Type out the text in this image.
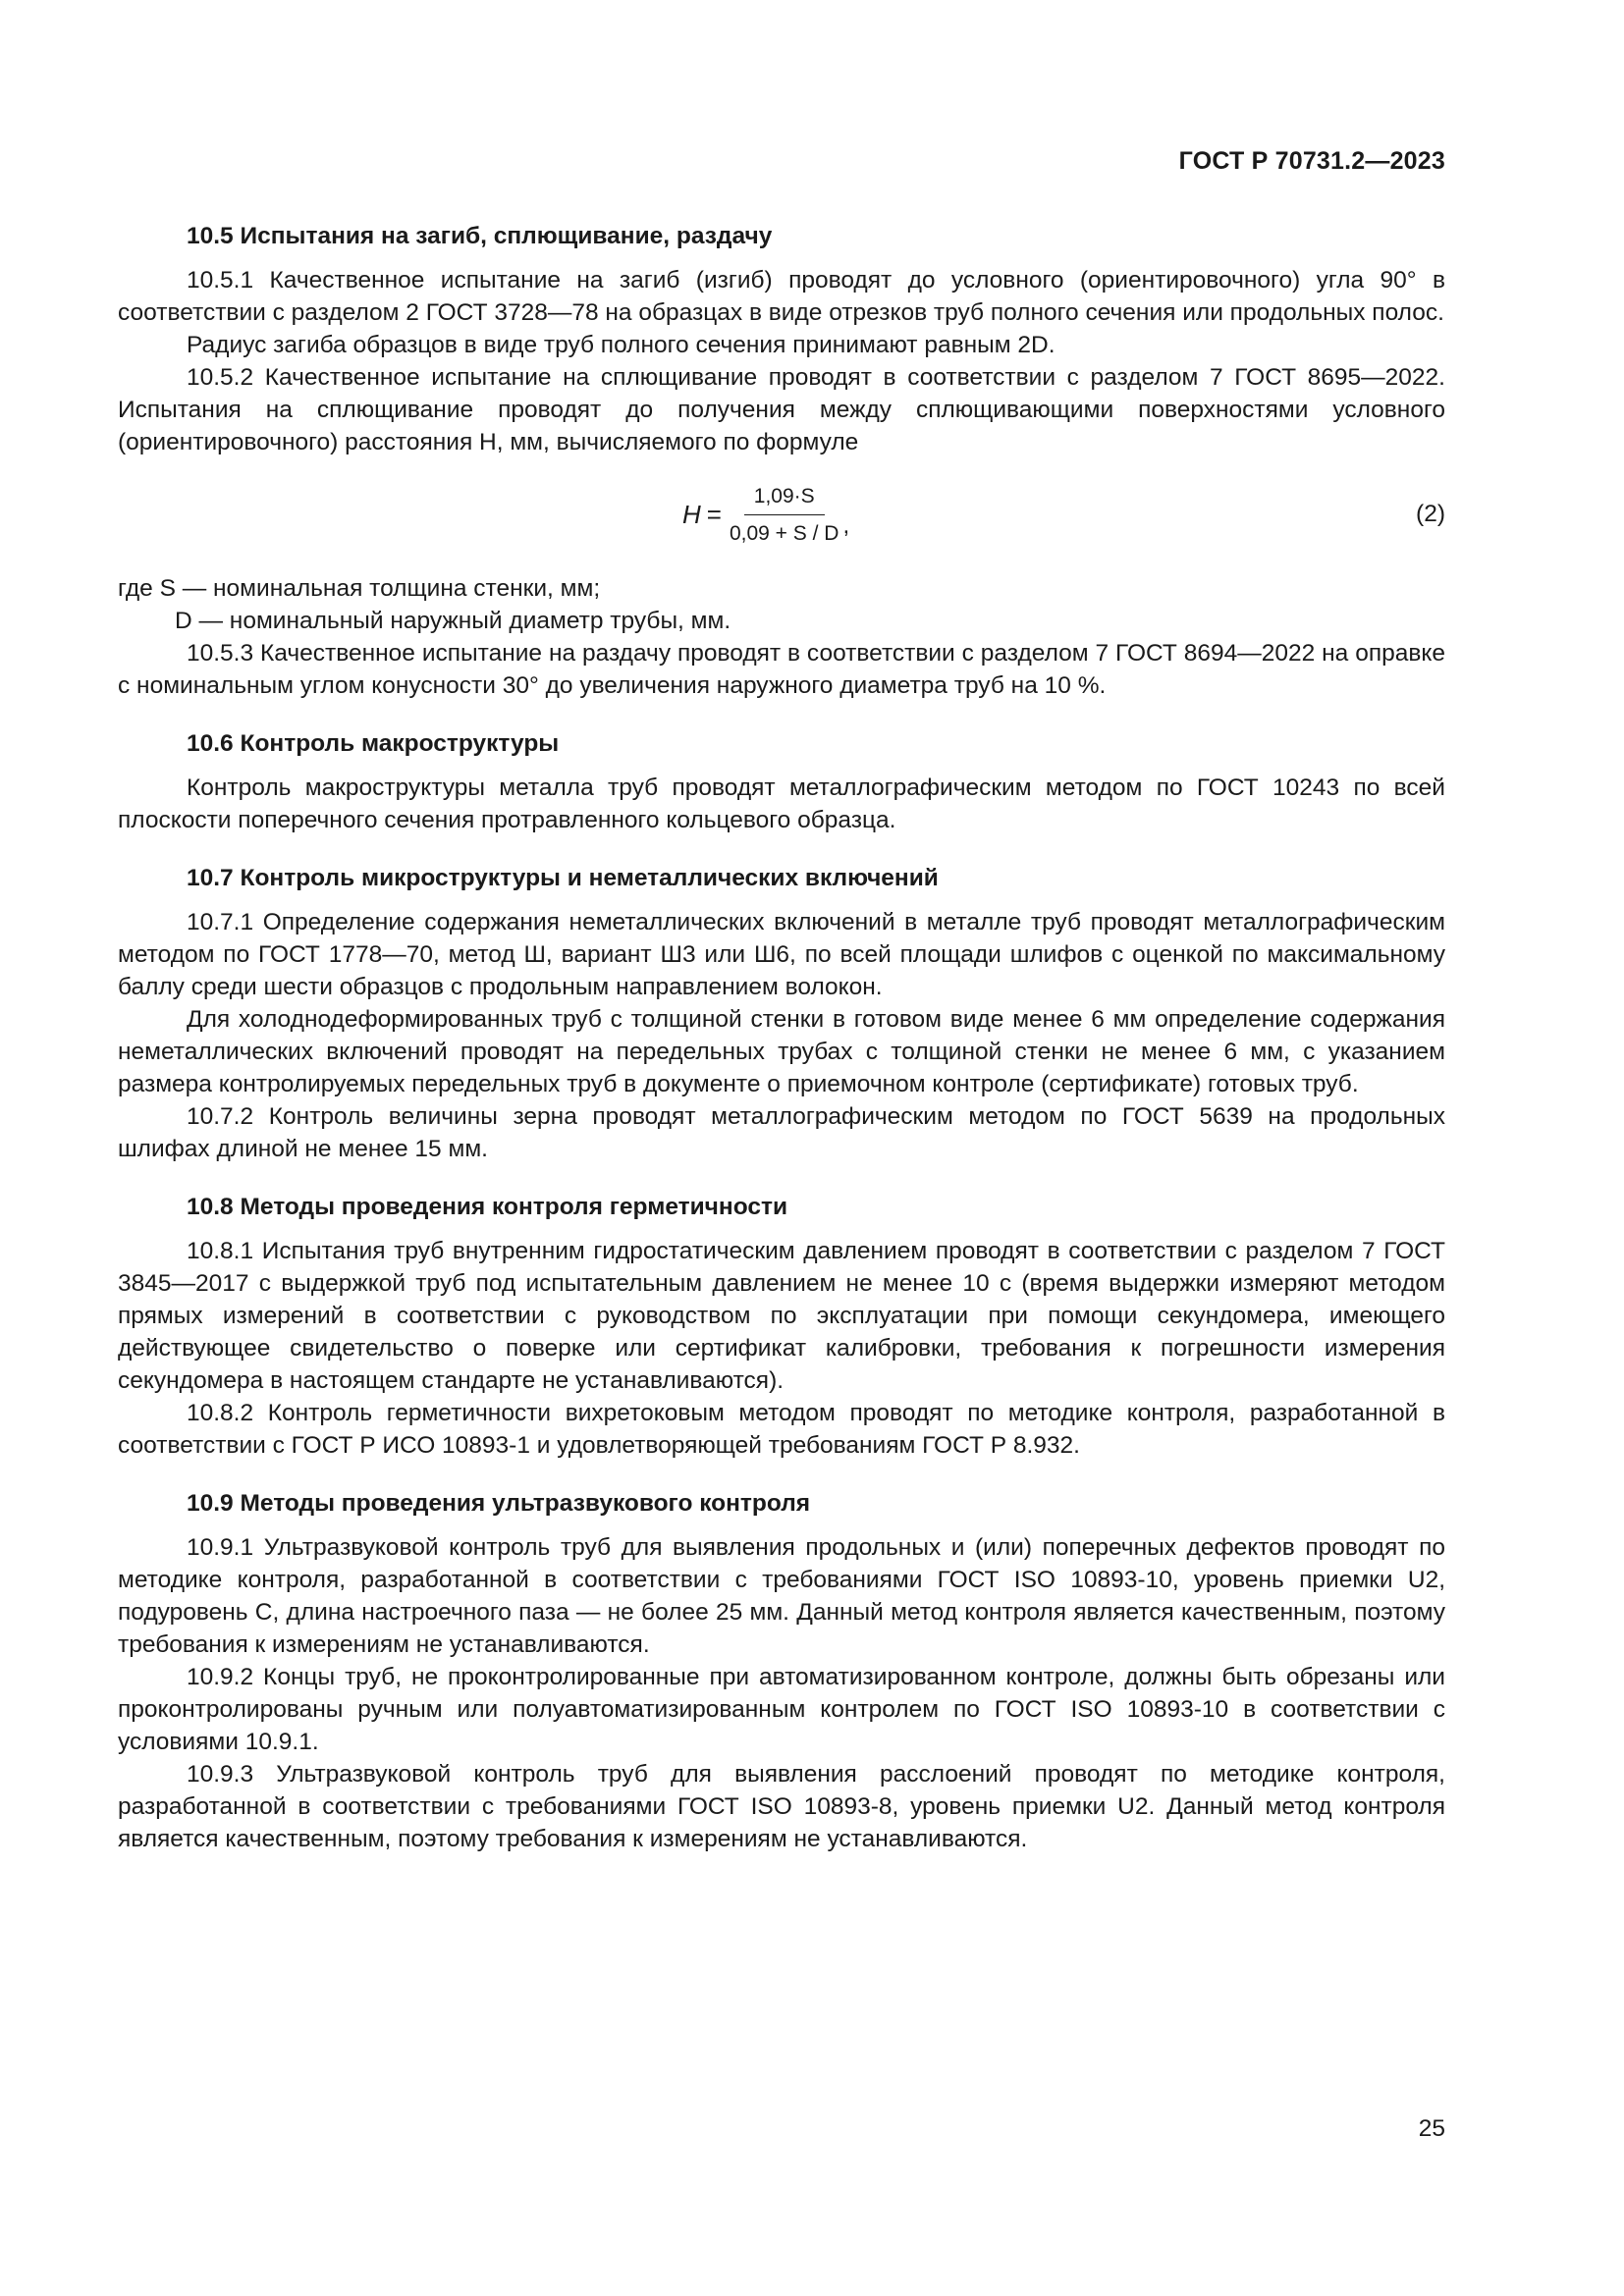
ГОСТ Р 70731.2—2023
10.5 Испытания на загиб, сплющивание, раздачу

10.5.1 Качественное испытание на загиб (изгиб) проводят до условного (ориентировочного) угла 90° в соответствии с разделом 2 ГОСТ 3728—78 на образцах в виде отрезков труб полного сечения или продольных полос.

Радиус загиба образцов в виде труб полного сечения принимают равным 2D.

10.5.2 Качественное испытание на сплющивание проводят в соответствии с разделом 7 ГОСТ 8695—2022. Испытания на сплющивание проводят до получения между сплющивающими поверхностями условного (ориентировочного) расстояния H, мм, вычисляемого по формуле

$H = \frac{1,09\cdot S}{0,09 + S / D}$ ,	(2)

где S — номинальная толщина стенки, мм;

D — номинальный наружный диаметр трубы, мм.

10.5.3 Качественное испытание на раздачу проводят в соответствии с разделом 7 ГОСТ 8694—2022 на оправке с номинальным углом конусности 30° до увеличения наружного диаметра труб на 10 %.

10.6 Контроль макроструктуры

Контроль макроструктуры металла труб проводят металлографическим методом по ГОСТ 10243 по всей плоскости поперечного сечения протравленного кольцевого образца.

10.7 Контроль микроструктуры и неметаллических включений

10.7.1 Определение содержания неметаллических включений в металле труб проводят металлографическим методом по ГОСТ 1778—70, метод Ш, вариант Ш3 или Ш6, по всей площади шлифов с оценкой по максимальному баллу среди шести образцов с продольным направлением волокон.

Для холоднодеформированных труб с толщиной стенки в готовом виде менее 6 мм определение содержания неметаллических включений проводят на передельных трубах с толщиной стенки не менее 6 мм, с указанием размера контролируемых передельных труб в документе о приемочном контроле (сертификате) готовых труб.

10.7.2 Контроль величины зерна проводят металлографическим методом по ГОСТ 5639 на продольных шлифах длиной не менее 15 мм.

10.8 Методы проведения контроля герметичности

10.8.1 Испытания труб внутренним гидростатическим давлением проводят в соответствии с разделом 7 ГОСТ 3845—2017 с выдержкой труб под испытательным давлением не менее 10 с (время выдержки измеряют методом прямых измерений в соответствии с руководством по эксплуатации при помощи секундомера, имеющего действующее свидетельство о поверке или сертификат калибровки, требования к погрешности измерения секундомера в настоящем стандарте не устанавливаются).

10.8.2 Контроль герметичности вихретоковым методом проводят по методике контроля, разработанной в соответствии с ГОСТ Р ИСО 10893-1 и удовлетворяющей требованиям ГОСТ Р 8.932.

10.9 Методы проведения ультразвукового контроля

10.9.1 Ультразвуковой контроль труб для выявления продольных и (или) поперечных дефектов проводят по методике контроля, разработанной в соответствии с требованиями ГОСТ ISO 10893-10, уровень приемки U2, подуровень С, длина настроечного паза — не более 25 мм. Данный метод контроля является качественным, поэтому требования к измерениям не устанавливаются.

10.9.2 Концы труб, не проконтролированные при автоматизированном контроле, должны быть обрезаны или проконтролированы ручным или полуавтоматизированным контролем по ГОСТ ISO 10893-10 в соответствии с условиями 10.9.1.

10.9.3 Ультразвуковой контроль труб для выявления расслоений проводят по методике контроля, разработанной в соответствии с требованиями ГОСТ ISO 10893-8, уровень приемки U2. Данный метод контроля является качественным, поэтому требования к измерениям не устанавливаются.

25
